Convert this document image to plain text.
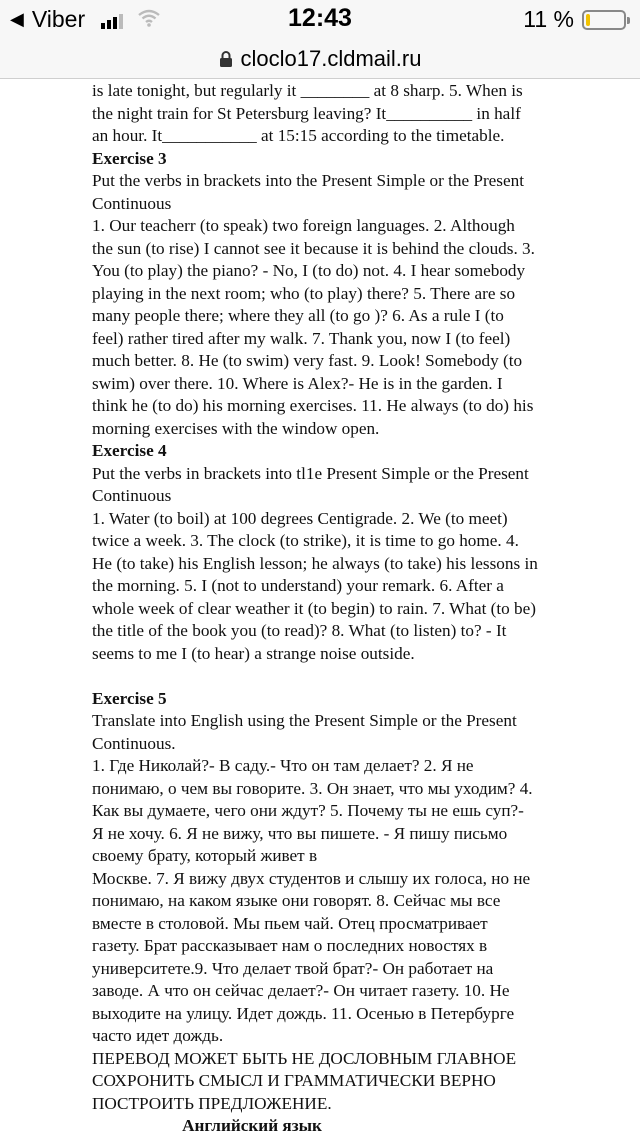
◀ Viber	12:43	11 %
cloclo17.cldmail.ru
is late tonight, but regularly it ________ at 8 sharp. 5. When is
the night train for St Petersburg leaving? It__________ in half
an hour. It___________ at 15:15 according to the timetable.
Exercise 3
Put the verbs in brackets into the Present Simple or the Present
Continuous
1. Our teacherr (to speak) two foreign languages. 2. Although
the sun (to rise) I cannot see it because it is behind the clouds. 3.
You (to play) the piano? - No, I (to do) not. 4. I hear somebody
playing in the next room; who (to play) there? 5. There are so
many people there; where they all (to go )? 6. As a rule I (to
feel) rather tired after my walk. 7. Thank you, now I (to feel)
much better. 8. He (to swim) very fast. 9. Look! Somebody (to
swim) over there. 10. Where is Alex?- He is in the garden. I
think he (to do) his morning exercises. 11. He always (to do) his
morning exercises with the window open.
Exercise 4
Put the verbs in brackets into tl1e Present Simple or the Present
Continuous
1. Water (to boil) at 100 degrees Centigrade. 2. We (to meet)
twice a week. 3. The clock (to strike), it is time to go home. 4.
He (to take) his English lesson; he always (to take) his lessons in
the morning. 5. I (not to understand) your remark. 6. After a
whole week of clear weather it (to begin) to rain. 7. What (to be)
the title of the book you (to read)? 8. What (to listen) to? - It
seems to me I (to hear) a strange noise outside.
Exercise 5
Translate into English using the Present Simple or the Present
Continuous.
1. Где Николай?- В саду.- Что он там делает? 2. Я не
понимаю, о чем вы говорите. 3. Он знает, что мы уходим? 4.
Как вы думаете, чего они ждут? 5. Почему ты не ешь суп?-
Я не хочу. 6. Я не вижу, что вы пишете. - Я пишу письмо
своему брату, который живет в
Москве. 7. Я вижу двух студентов и слышу их голоса, но не
понимаю, на каком языке они говорят. 8. Сейчас мы все
вместе в столовой. Мы пьем чай. Отец просматривает
газету. Брат рассказывает нам о последних новостях в
университете.9. Что делает твой брат?- Он работает на
заводе. А что он сейчас делает?- Он читает газету. 10. Не
выходите на улицу. Идет дождь. 11. Осенью в Петербурге
часто идет дождь.
ПЕРЕВОД МОЖЕТ БЫТЬ НЕ ДОСЛОВНЫМ ГЛАВНОЕ
СОХРОНИТЬ СМЫСЛ И ГРАММАТИЧЕСКИ ВЕРНО
ПОСТРОИТЬ ПРЕДЛОЖЕНИЕ.
Английский язык
